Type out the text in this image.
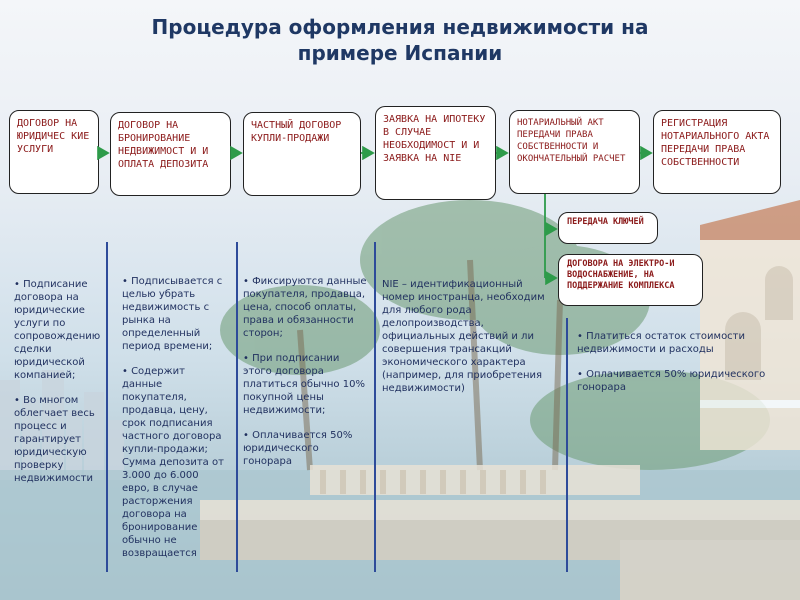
Процедура оформления недвижимости на
примере Испании
ДОГОВОР НА ЮРИДИЧЕС КИЕ УСЛУГИ
ДОГОВОР НА БРОНИРОВАНИЕ НЕДВИЖИМОСТ И И ОПЛАТА ДЕПОЗИТА
ЧАСТНЫЙ ДОГОВОР КУПЛИ-ПРОДАЖИ
ЗАЯВКА НА ИПОТЕКУ В СЛУЧАЕ НЕОБХОДИМОСТ И И ЗАЯВКА НА NIE
НОТАРИАЛЬНЫЙ АКТ ПЕРЕДАЧИ ПРАВА СОБСТВЕННОСТИ И ОКОНЧАТЕЛЬНЫЙ РАСЧЕТ
РЕГИСТРАЦИЯ НОТАРИАЛЬНОГО АКТА ПЕРЕДАЧИ ПРАВА СОБСТВЕННОСТИ
ПЕРЕДАЧА КЛЮЧЕЙ
ДОГОВОРА НА ЭЛЕКТРО-И ВОДОСНАБЖЕНИЕ, НА ПОДДЕРЖАНИЕ КОМПЛЕКСА

• Подписание договора на юридические услуги по сопровождению сделки юридической компанией;

• Во многом облегчает весь процесс и гарантирует юридическую проверку недвижимости

• Подписывается с целью убрать недвижимость с рынка на определенный период времени;

• Содержит данные покупателя, продавца, цену, срок подписания частного договора купли-продажи; Сумма депозита от 3.000 до 6.000 евро, в случае расторжения договора на бронирование обычно не возвращается

• Фиксируются данные покупателя, продавца, цена, способ оплаты, права и обязанности сторон;

• При подписании этого договора платиться обычно 10% покупной цены недвижимости;

• Оплачивается 50% юридического гонорара

NIE – идентификационный номер иностранца, необходим для любого рода делопроизводства, официальных действий и ли совершения трансакций экономического характера (например, для приобретения недвижимости)

• Платиться остаток стоимости недвижимости и расходы

• Оплачивается 50% юридического гонорара
